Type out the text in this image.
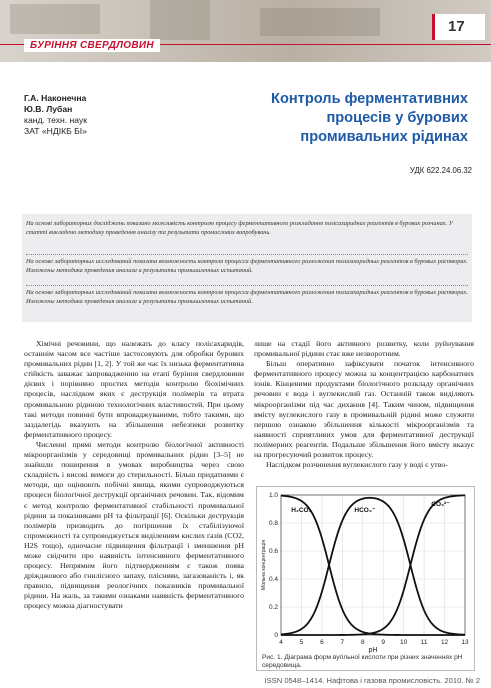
17
БУРІННЯ СВЕРДЛОВИН
Г.А. Наконечна
Ю.В. Лубан
канд. техн. наук
ЗАТ «НДІКБ БІ»
Контроль ферментативних
процесів у бурових
промивальних рідинах
УДК 622.24.06.32

На основі лабораторних досліджень показано можливість контролю процесу ферментативного розкладання полісахаридних реагентів в бурових розчинах. У статті викладено методику проведення аналізу та результати промислових випробувань.

На основе лабораторных исследований показана возможность контроля процесса ферментативного разложения полисахаридных реагентов в буровых растворах. Изложены методика проведения анализа и результаты промышленных испытаний.

На основе лабораторных исследований показана возможность контроля процесса ферментативного разложения полисахаридных реагентов в буровых растворах. Изложены методика проведения анализа и результаты промышленных испытаний.

Хімічні речовини, що належать до класу полісахаридів, останнім часом все частіше застосовують для обробки бурових промивальних рідин [1, 2]. У той же час їх низька ферментативна стійкість заважає запровадженню на етапі буріння свердловини дієвих і порівняно простих методів контролю біохімічних процесів, наслідком яких є деструкція полімерів та втрата промивальною рідиною технологічних властивостей. При цьому такі методи повинні бути впроваджуваними, тобто такими, що заздалегідь вказують на збільшення небезпеки розвитку ферментативного процесу.

Численні прямі методи контролю біологічної активності мікроорганізмів у середовищі промивальних рідин [3–5] не знайшли поширення в умовах виробництва через свою складність і високі вимоги до стерильності. Більш придатними є методи, що оцінюють побічні явища, якими супроводжуються процеси біологічної деструкції органічних речовин. Так, відомим є метод контролю ферментативної стабільності промивальної рідини за показниками pH та фільтрації [6]. Оскільки деструкція полімерів призводить до погіршення їх стабілізуючої спроможності та супроводжується виділенням кислих газів (CO2, H2S тощо), одночасне підвищення фільтрації і зменшення pH може свідчити про наявність інтенсивного ферментативного процесу. Непрямим його підтвердженням є також поява дріжджового або гнилісного запаху, плісняви, загазованість і, як правило, підвищення реологічних показників промивальної рідини. На жаль, за такими ознаками наявність ферментативного процесу можна діагностувати

лише на стадії його активного розвитку, коли руйнування промивальної рідини стає вже незворотним.

Більш оперативно зафіксувати початок інтенсивного ферментативного процесу можна за концентрацією карбонатних іонів. Кінцевими продуктами біологічного розкладу органічних речовин є вода і вуглекислий газ. Останній також виділяють мікроорганізми під час дихання [4]. Таким чином, підвищення вмісту вуглекислого газу в промивальній рідині може служити першою ознакою збільшення кількості мікроорганізмів та наявності сприятливих умов для ферментативної деструкції полімерних реагентів. Подальше збільшення його вмісту вказує на прогресуючий розвиток процесу.

Наслідком розчинення вуглекислого газу у воді є утво-

4	5	6	7	8	9 10 11 12 13
0
0.2
0.4
0.6
0.8
1.0
pH
Мольна концентрація
H₂CO₃	HCO₃⁻
CO₃²⁻
Рис. 1. Діаграма форм вугільної кислоти при різних значеннях pH середовища.
ISSN 0548–1414. Нафтова і газова промисловість. 2010. № 2
